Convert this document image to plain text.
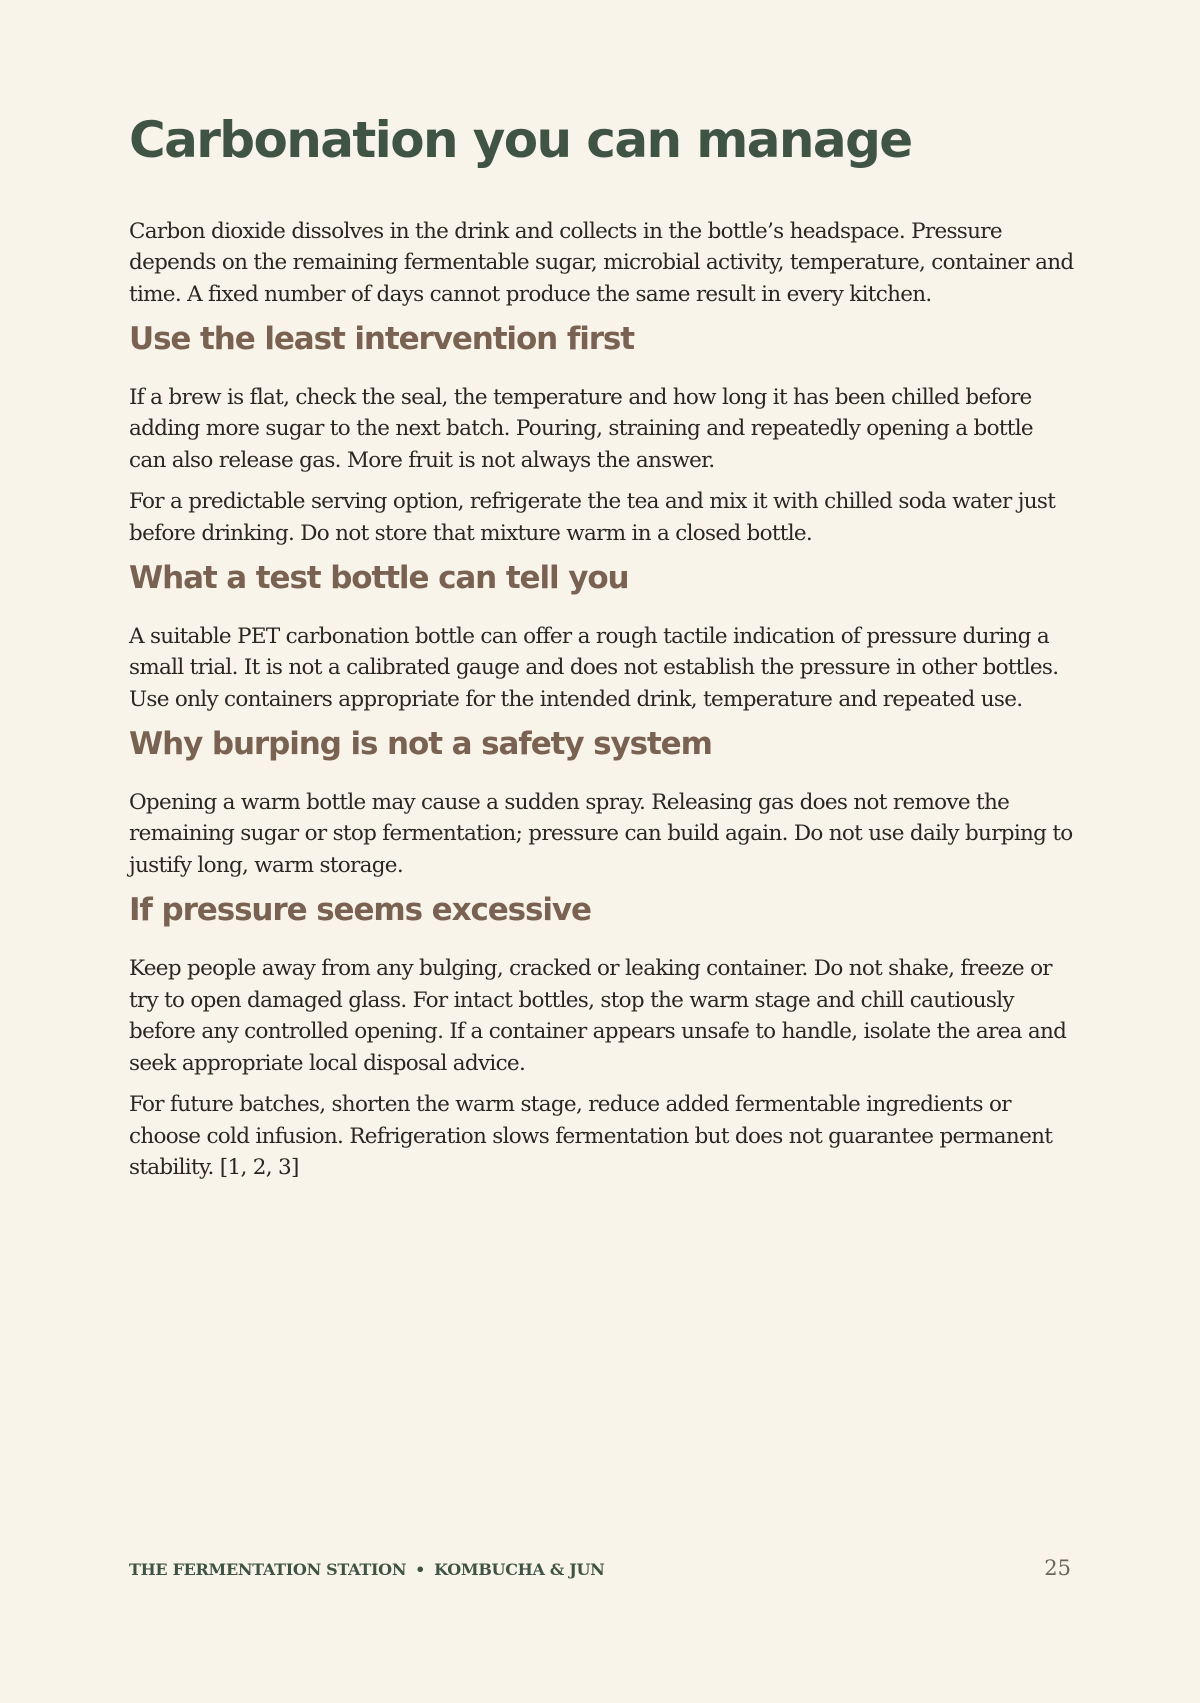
Carbonation you can manage

Carbon dioxide dissolves in the drink and collects in the bottle’s headspace. Pressure depends on the remaining fermentable sugar, microbial activity, temperature, container and time. A fixed number of days cannot produce the same result in every kitchen.

Use the least intervention first

If a brew is flat, check the seal, the temperature and how long it has been chilled before adding more sugar to the next batch. Pouring, straining and repeatedly opening a bottle can also release gas. More fruit is not always the answer.

For a predictable serving option, refrigerate the tea and mix it with chilled soda water just before drinking. Do not store that mixture warm in a closed bottle.

What a test bottle can tell you

A suitable PET carbonation bottle can offer a rough tactile indication of pressure during a small trial. It is not a calibrated gauge and does not establish the pressure in other bottles. Use only containers appropriate for the intended drink, temperature and repeated use.

Why burping is not a safety system

Opening a warm bottle may cause a sudden spray. Releasing gas does not remove the remaining sugar or stop fermentation; pressure can build again. Do not use daily burping to justify long, warm storage.

If pressure seems excessive

Keep people away from any bulging, cracked or leaking container. Do not shake, freeze or try to open damaged glass. For intact bottles, stop the warm stage and chill cautiously before any controlled opening. If a container appears unsafe to handle, isolate the area and seek appropriate local disposal advice.

For future batches, shorten the warm stage, reduce added fermentable ingredients or choose cold infusion. Refrigeration slows fermentation but does not guarantee permanent stability. [1, 2, 3]

THE FERMENTATION STATION • KOMBUCHA & JUN	25
